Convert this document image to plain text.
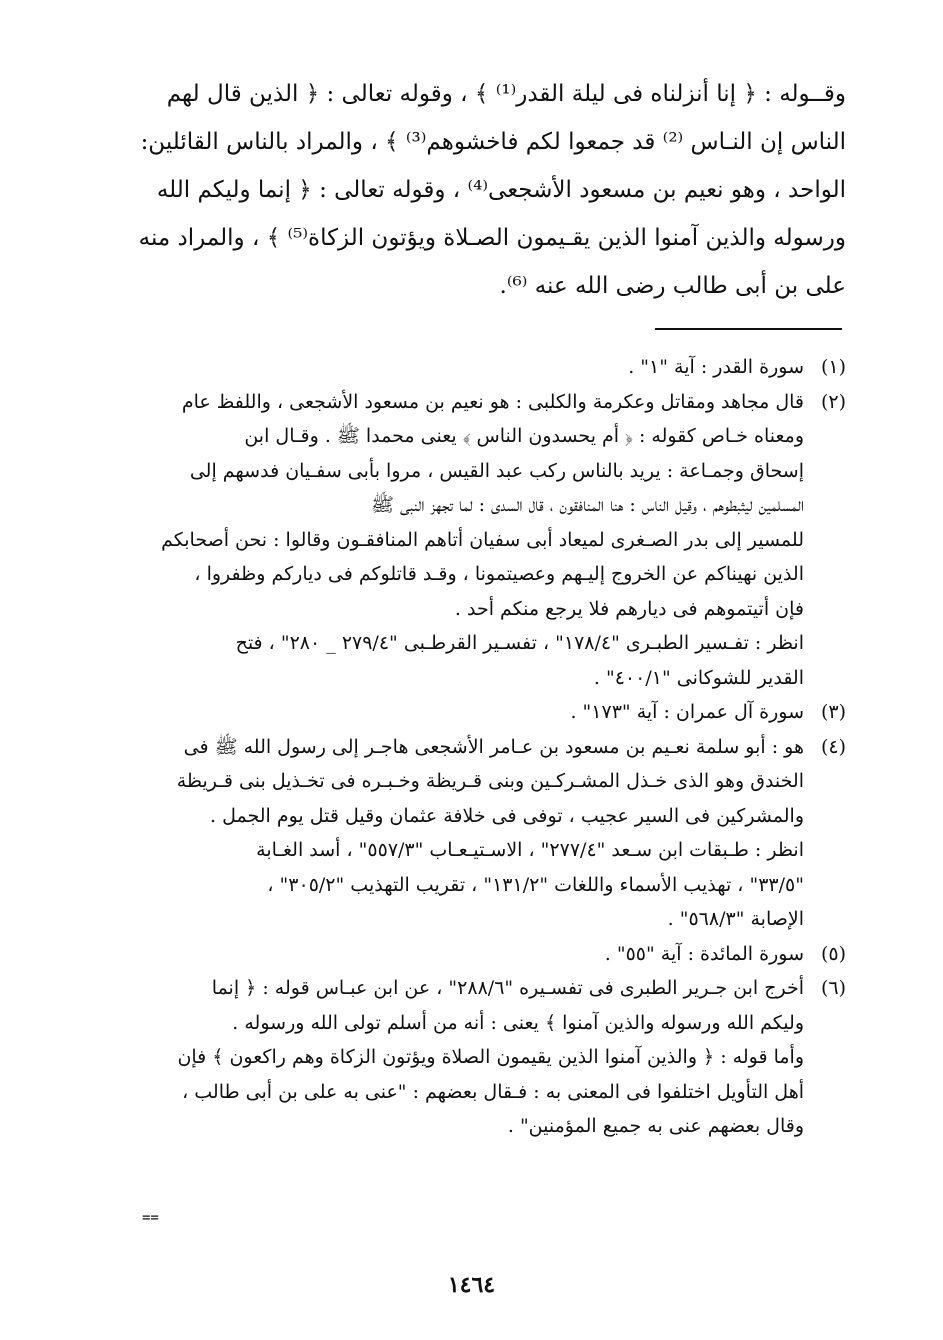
وقــوله : ﴿ إنا أنزلناه فى ليلة القدر⁽¹⁾ ﴾ ، وقوله تعالى : ﴿ الذين قال لهم
الناس إن النـاس ⁽²⁾ قد جمعوا لكم فاخشوهم⁽³⁾ ﴾ ، والمراد بالناس القائلين:
الواحد ، وهو نعيم بن مسعود الأشجعى⁽⁴⁾ ، وقوله تعالى : ﴿ إنما وليكم الله
ورسوله والذين آمنوا الذين يقـيمون الصـلاة ويؤتون الزكاة⁽⁵⁾ ﴾ ، والمراد منه
على بن أبى طالب رضى الله عنه ⁽⁶⁾.

(١)
سورة القدر : آية "١" .
(٢)
قال مجاهد ومقاتل وعكرمة والكلبى : هو نعيم بن مسعود الأشجعى ، واللفظ عام
ومعناه خـاص كقوله : ﴿ أم يحسدون الناس ﴾ يعنى محمدا ﷺ . وقـال ابن
إسحاق وجمـاعة : يريد بالناس ركب عبد القيس ، مروا بأبى سفـيان فدسهم إلى
المسلمين ليثبطوهم ، وقيل الناس : هنا المنافقون ، قال السدى : لما تجهز النبى ﷺ
للمسير إلى بدر الصـغرى لميعاد أبى سفيان أتاهم المنافقـون وقالوا : نحن أصحابكم
الذين نهيناكم عن الخروج إليـهم وعصيتمونا ، وقـد قاتلوكم فى دياركم وظفروا ،
فإن أتيتموهم فى ديارهم فلا يرجع منكم أحد .
انظر : تفـسير الطبـرى "١٧٨/٤" ، تفسـير القرطـبى "٢٧٩/٤ _ ٢٨٠" ، فتح
القدير للشوكانى "٤٠٠/١" .
(٣)
سورة آل عمران : آية "١٧٣" .
(٤)
هو : أبو سلمة نعـيم بن مسعود بن عـامر الأشجعى هاجـر إلى رسول الله ﷺ فى
الخندق وهو الذى خـذل المشـركـين وبنى قـريظة وخـبـره فى تخـذيل بنى قـريظة
والمشركين فى السير عجيب ، توفى فى خلافة عثمان وقيل قتل يوم الجمل .
انظر : طـبقات ابن سـعد "٢٧٧/٤" ، الاسـتيـعـاب "٥٥٧/٣" ، أسد الغـابة
"٣٣/٥" ، تهذيب الأسماء واللغات "١٣١/٢" ، تقريب التهذيب "٣٠٥/٢" ،
الإصابة "٥٦٨/٣" .
(٥)
سورة المائدة : آية "٥٥" .
(٦)
أخرج ابن جـرير الطبرى فى تفسـيره "٢٨٨/٦" ، عن ابن عبـاس قوله : ﴿ إنما
وليكم الله ورسوله والذين آمنوا ﴾ يعنى : أنه من أسلم تولى الله ورسوله .
وأما قوله : ﴿ والذين آمنوا الذين يقيمون الصلاة ويؤتون الزكاة وهم راكعون ﴾ فإن
أهل التأويل اختلفوا فى المعنى به : فـقال بعضهم : "عنى به على بن أبى طالب ،
وقال بعضهم عنى به جميع المؤمنين" .
==
١٤٦٤
